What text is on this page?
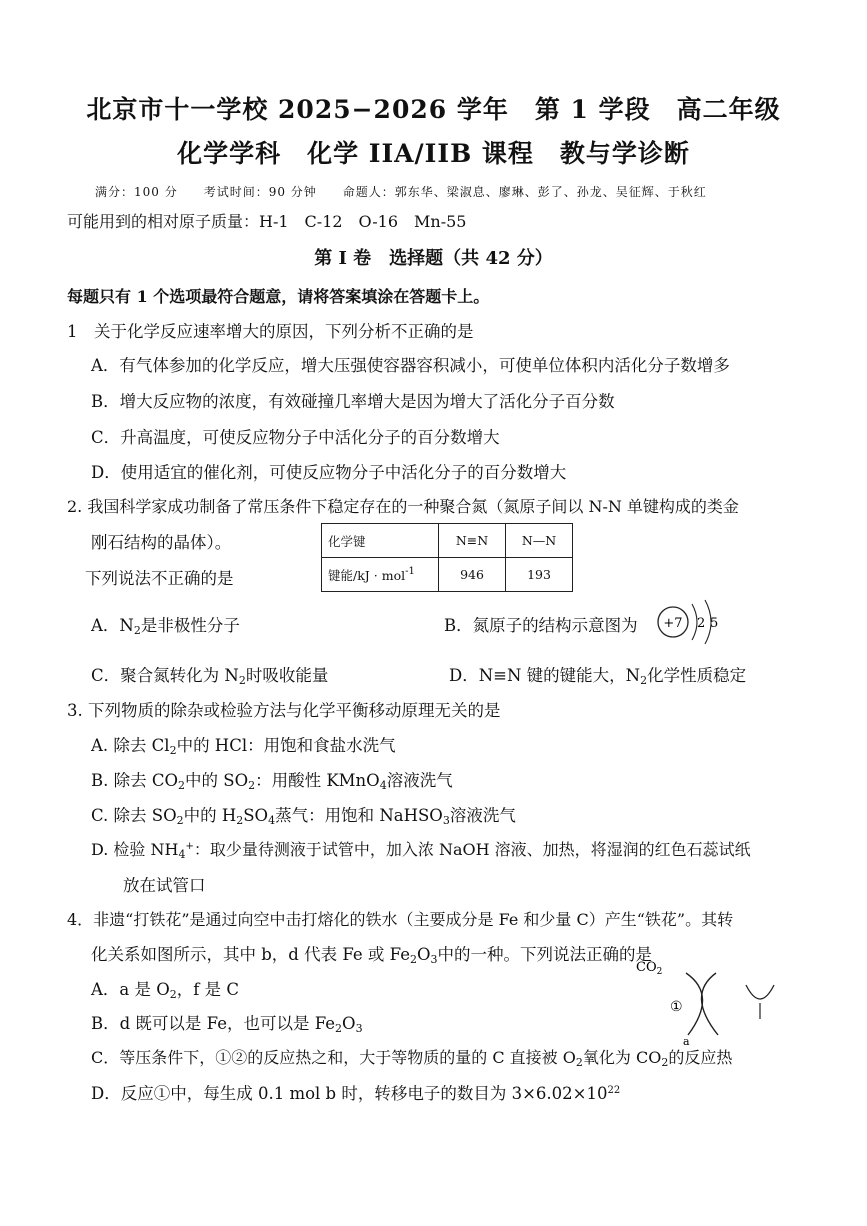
北京市十一学校 2025−2026 学年　第 1 学段　高二年级
化学学科　化学 IIA/IIB 课程　教与学诊断
满分：100 分　　考试时间：90 分钟　　命题人：郭东华、梁淑息、廖琳、彭了、孙龙、吴征辉、于秋红
可能用到的相对原子质量：H-1　C-12　O-16　Mn-55
第 I 卷　选择题（共 42 分）
每题只有 1 个选项最符合题意，请将答案填涂在答题卡上。
1　关于化学反应速率增大的原因，下列分析不正确的是
A．有气体参加的化学反应，增大压强使容器容积减小，可使单位体积内活化分子数增多
B．增大反应物的浓度，有效碰撞几率增大是因为增大了活化分子百分数
C．升高温度，可使反应物分子中活化分子的百分数增大
D．使用适宜的催化剂，可使反应物分子中活化分子的百分数增大
2. 我国科学家成功制备了常压条件下稳定存在的一种聚合氮（氮原子间以 N-N 单键构成的类金
刚石结构的晶体）。
下列说法不正确的是
化学键	N≡N	N—N
键能/kJ · mol$^{-1}$	946	193
A．$N_2$是非极性分子	B．氮原子的结构示意图为 +7 2 5
C．聚合氮转化为 $N_2$时吸收能量	D．N≡N 键的键能大，$N_2$化学性质稳定
3. 下列物质的除杂或检验方法与化学平衡移动原理无关的是
A. 除去 $Cl_2$中的 HCl：用饱和食盐水洗气
B. 除去 $CO_2$中的 $SO_2$：用酸性 KMnO$_4$溶液洗气
C. 除去 $SO_2$中的 $H_2SO_4$蒸气：用饱和 NaHSO$_3$溶液洗气
D. 检验 $NH_4^+$：取少量待测液于试管中，加入浓 NaOH 溶液、加热，将湿润的红色石蕊试纸
放在试管口
4．非遗“打铁花”是通过向空中击打熔化的铁水（主要成分是 Fe 和少量 C）产生“铁花”。其转
化关系如图所示，其中 b，d 代表 Fe 或 $Fe_2O_3$中的一种。下列说法正确的是
$CO_2$
①
a
A．a 是 $O_2$，f 是 C
B．d 既可以是 Fe，也可以是 $Fe_2O_3$
C．等压条件下，①②的反应热之和，大于等物质的量的 C 直接被 $O_2$氧化为 $CO_2$的反应热
D．反应①中，每生成 0.1 mol b 时，转移电子的数目为 $3\times 6.02\times 10^{22}$
